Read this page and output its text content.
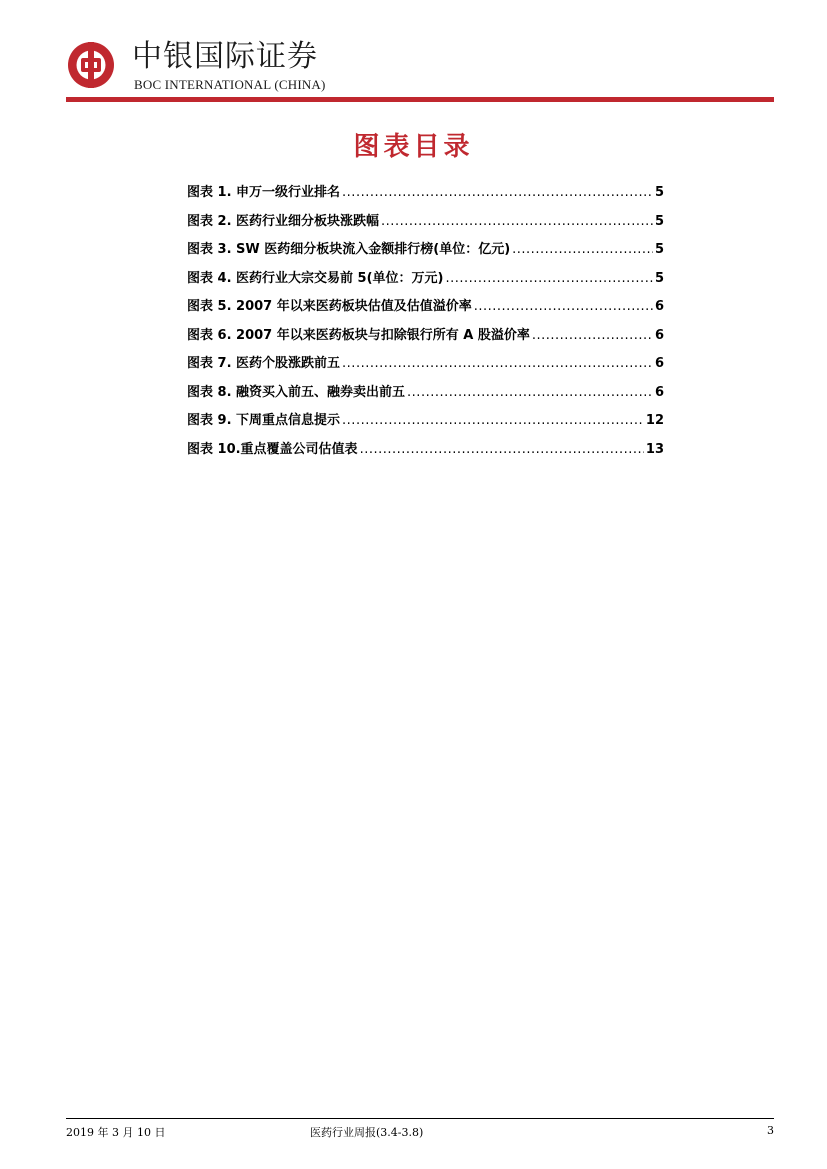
中银国际证券
BOC INTERNATIONAL (CHINA)
图表目录
图表 1. 申万一级行业排名 .....	5
图表 2. 医药行业细分板块涨跌幅 .....	5
图表 3. SW 医药细分板块流入金额排行榜(单位：亿元) .....	5
图表 4. 医药行业大宗交易前 5(单位：万元) .....	5
图表 5. 2007 年以来医药板块估值及估值溢价率 .....	6
图表 6. 2007 年以来医药板块与扣除银行所有 A 股溢价率 .....	6
图表 7. 医药个股涨跌前五 .....	6
图表 8. 融资买入前五、融券卖出前五 .....	6
图表 9. 下周重点信息提示 .....	12
图表 10.重点覆盖公司估值表 .....	13
2019 年 3 月 10 日	医药行业周报(3.4-3.8)	3
